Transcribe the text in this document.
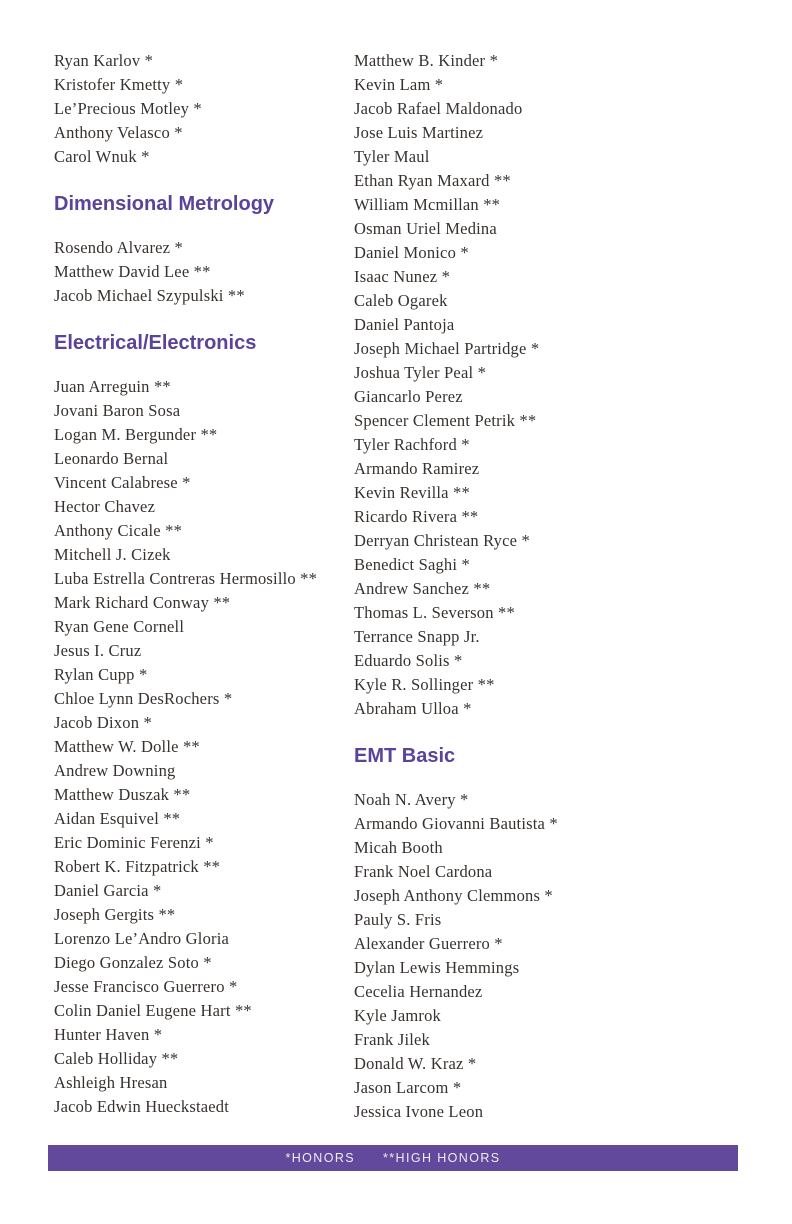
Ryan Karlov *
Kristofer Kmetty *
Le’Precious Motley *
Anthony Velasco *
Carol Wnuk *
Dimensional Metrology
Rosendo Alvarez *
Matthew David Lee **
Jacob Michael Szypulski **
Electrical/Electronics
Juan Arreguin **
Jovani Baron Sosa
Logan M. Bergunder **
Leonardo Bernal
Vincent Calabrese *
Hector Chavez
Anthony Cicale **
Mitchell J. Cizek
Luba Estrella Contreras Hermosillo **
Mark Richard Conway **
Ryan Gene Cornell
Jesus I. Cruz
Rylan Cupp *
Chloe Lynn DesRochers *
Jacob Dixon *
Matthew W. Dolle **
Andrew Downing
Matthew Duszak **
Aidan Esquivel **
Eric Dominic Ferenzi *
Robert K. Fitzpatrick **
Daniel Garcia *
Joseph Gergits **
Lorenzo Le’Andro Gloria
Diego Gonzalez Soto *
Jesse Francisco Guerrero *
Colin Daniel Eugene Hart **
Hunter Haven *
Caleb Holliday **
Ashleigh Hresan
Jacob Edwin Hueckstaedt
Matthew B. Kinder *
Kevin Lam *
Jacob Rafael Maldonado
Jose Luis Martinez
Tyler Maul
Ethan Ryan Maxard **
William Mcmillan **
Osman Uriel Medina
Daniel Monico *
Isaac Nunez *
Caleb Ogarek
Daniel Pantoja
Joseph Michael Partridge *
Joshua Tyler Peal *
Giancarlo Perez
Spencer Clement Petrik **
Tyler Rachford *
Armando Ramirez
Kevin Revilla **
Ricardo Rivera **
Derryan Christean Ryce *
Benedict Saghi *
Andrew Sanchez **
Thomas L. Severson **
Terrance Snapp Jr.
Eduardo Solis *
Kyle R. Sollinger **
Abraham Ulloa *
EMT Basic
Noah N. Avery *
Armando Giovanni Bautista *
Micah Booth
Frank Noel Cardona
Joseph Anthony Clemmons *
Pauly S. Fris
Alexander Guerrero *
Dylan Lewis Hemmings
Cecelia Hernandez
Kyle Jamrok
Frank Jilek
Donald W. Kraz *
Jason Larcom *
Jessica Ivone Leon
*HONORS **HIGH HONORS
